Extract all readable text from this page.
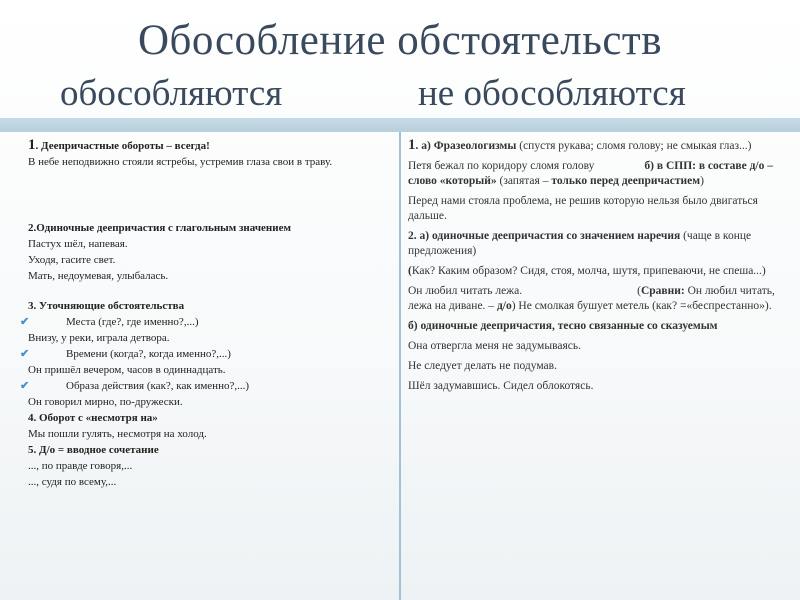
Обособление обстоятельств
обособляются	не обособляются
1. Деепричастные обороты – всегда!
В небе неподвижно стояли ястребы, устремив глаза свои в траву.
2.Одиночные деепричастия с глагольным значением
Пастух шёл, напевая.
Уходя, гасите свет.
Мать, недоумевая, улыбалась.
3. Уточняющие обстоятельства
✔	Места (где?, где именно?,...)
Внизу, у реки, играла детвора.
✔	Времени (когда?, когда именно?,...)
Он пришёл вечером, часов в одиннадцать.
✔	Образа действия (как?, как именно?,...)
Он говорил мирно, по-дружески.
4. Оборот с «несмотря на»
Мы пошли гулять, несмотря на холод.
5. Д/о = вводное сочетание
..., по правде говоря,...
..., судя по всему,...
1. а) Фразеологизмы (спустя рукава; сломя голову; не смыкая глаз...)
Петя бежал по коридору сломя голову	б) в СПП: в составе д/о – слово «который» (запятая – только перед деепричастием)
Перед нами стояла проблема, не решив которую нельзя было двигаться дальше.
2. а) одиночные деепричастия со значением наречия (чаще в конце предложения)
(Как? Каким образом? Сидя, стоя, молча, шутя, припеваючи, не спеша...)
Он любил читать лежа.	(Сравни: Он любил читать, лежа на диване. – д/о) Не смолкая бушует метель (как? =«беспрестанно»).
б) одиночные деепричастия, тесно связанные со сказуемым
Она отвергла меня не задумываясь.
Не следует делать не подумав.
Шёл задумавшись. Сидел облокотясь.
